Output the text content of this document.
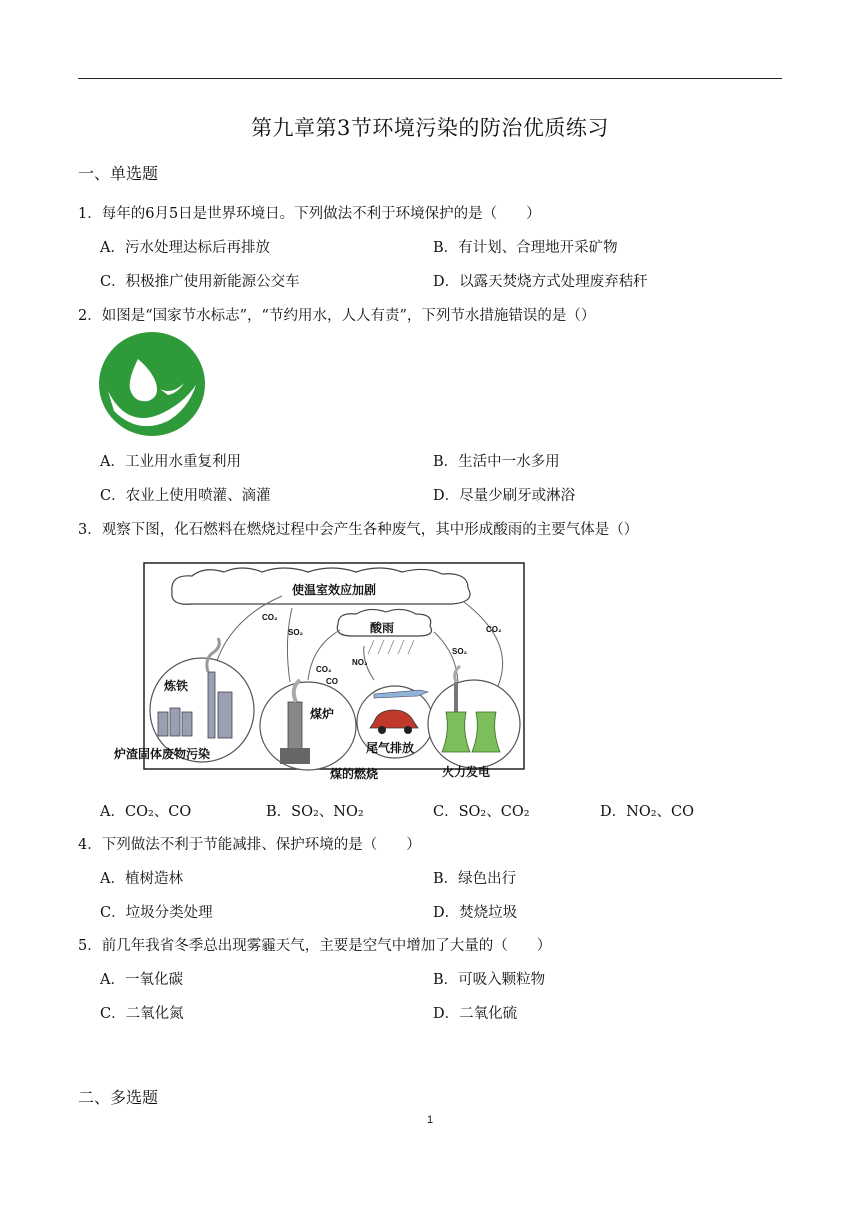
第九章第3节环境污染的防治优质练习
一、单选题
1．每年的6月5日是世界环境日。下列做法不利于环境保护的是（　　）
A．污水处理达标后再排放	B．有计划、合理地开采矿物
C．积极推广使用新能源公交车	D．以露天焚烧方式处理废弃秸秆
2．如图是“国家节水标志”，“节约用水，人人有责”，下列节水措施错误的是（）
A．工业用水重复利用	B．生活中一水多用
C．农业上使用喷灌、滴灌	D．尽量少刷牙或淋浴
3．观察下图，化石燃料在燃烧过程中会产生各种废气，其中形成酸雨的主要气体是（）
使温室效应加剧
酸雨
CO₂
SO₂
SO₂
NO₂
CO₂
CO₂
CO
炼铁
煤炉
尾气排放
炉渣固体废物污染
煤的燃烧	火力发电
A．CO₂、CO	B．SO₂、NO₂	C．SO₂、CO₂	D．NO₂、CO
4．下列做法不利于节能减排、保护环境的是（　　）
A．植树造林	B．绿色出行
C．垃圾分类处理	D．焚烧垃圾
5．前几年我省冬季总出现雾霾天气，主要是空气中增加了大量的（　　）
A．一氧化碳	B．可吸入颗粒物
C．二氧化氮	D．二氧化硫
二、多选题
1
